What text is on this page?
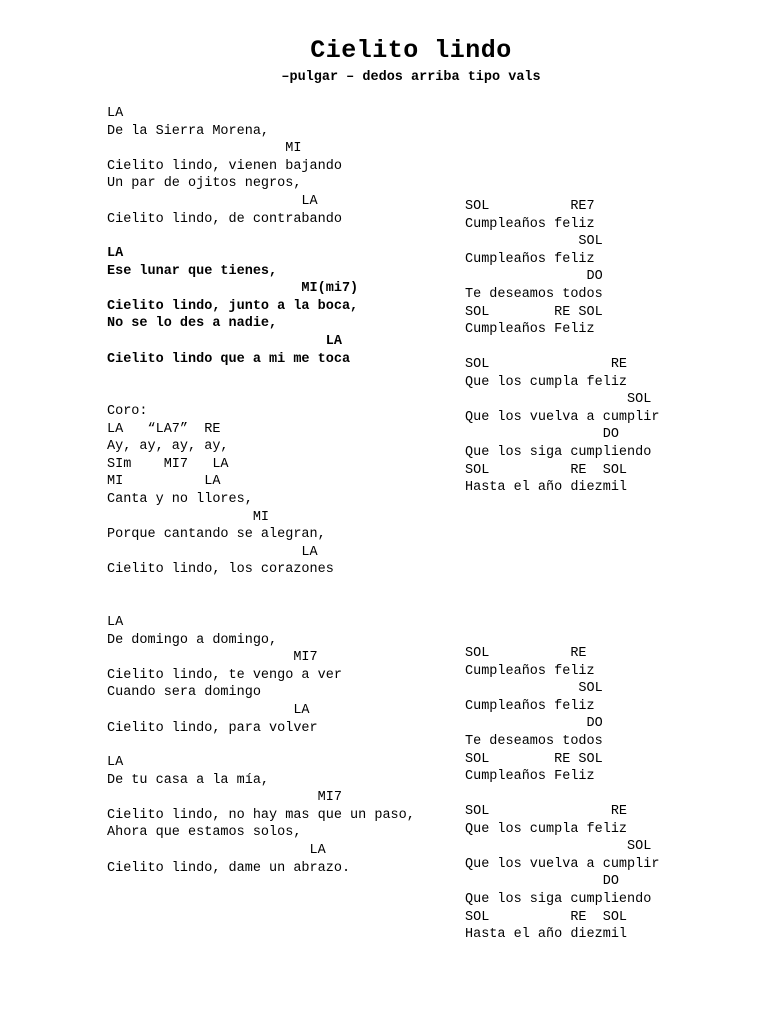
Cielito lindo
–pulgar – dedos arriba tipo vals
LA
De la Sierra Morena,
MI
Cielito lindo, vienen bajando
Un par de ojitos negros,
LA
Cielito lindo, de contrabando
LA
Ese lunar que tienes,
MI(mi7)
Cielito lindo, junto a la boca,
No se lo des a nadie,
LA
Cielito lindo que a mi me toca
Coro:
LA   “LA7”  RE
Ay, ay, ay, ay,
SIm    MI7   LA
MI          LA
Canta y no llores,
MI
Porque cantando se alegran,
LA
Cielito lindo, los corazones
LA
De domingo a domingo,
MI7
Cielito lindo, te vengo a ver
Cuando sera domingo
LA
Cielito lindo, para volver
LA
De tu casa a la mía,
MI7
Cielito lindo, no hay mas que un paso,
Ahora que estamos solos,
LA
Cielito lindo, dame un abrazo.
SOL          RE7
Cumpleaños feliz
SOL
Cumpleaños feliz
DO
Te deseamos todos
SOL        RE SOL
Cumpleaños Feliz
SOL               RE
Que los cumpla feliz
SOL
Que los vuelva a cumplir
DO
Que los siga cumpliendo
SOL          RE  SOL
Hasta el año diezmil
SOL          RE
Cumpleaños feliz
SOL
Cumpleaños feliz
DO
Te deseamos todos
SOL        RE SOL
Cumpleaños Feliz
SOL               RE
Que los cumpla feliz
SOL
Que los vuelva a cumplir
DO
Que los siga cumpliendo
SOL          RE  SOL
Hasta el año diezmil
